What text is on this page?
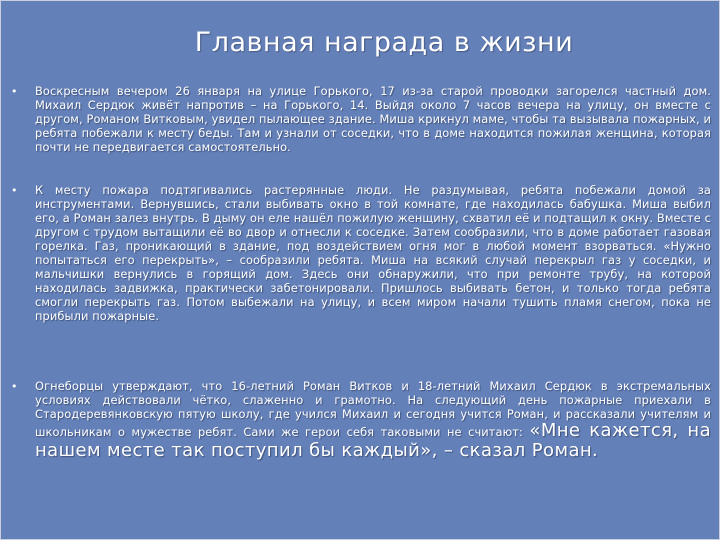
Главная награда в жизни
•	Воскресным вечером 26 января на улице Горького, 17 из-за старой проводки загорелся частный дом. Михаил Сердюк живёт напротив – на Горького, 14. Выйдя около 7 часов вечера на улицу, он вместе с другом, Романом Витковым, увидел пылающее здание. Миша крикнул маме, чтобы та вызывала пожарных, и ребята побежали к месту беды. Там и узнали от соседки, что в доме находится пожилая женщина, которая почти не передвигается самостоятельно.
•	К месту пожара подтягивались растерянные люди. Не раздумывая, ребята побежали домой за инструментами. Вернувшись, стали выбивать окно в той комнате, где находилась бабушка. Миша выбил его, а Роман залез внутрь. В дыму он еле нашёл пожилую женщину, схватил её и подтащил к окну. Вместе с другом с трудом вытащили её во двор и отнесли к соседке. Затем сообразили, что в доме работает газовая горелка. Газ, проникающий в здание, под воздействием огня мог в любой момент взорваться. «Нужно попытаться его перекрыть», – сообразили ребята. Миша на всякий случай перекрыл газ у соседки, и мальчишки вернулись в горящий дом. Здесь они обнаружили, что при ремонте трубу, на которой находилась задвижка, практически забетонировали. Пришлось выбивать бетон, и только тогда ребята смогли перекрыть газ. Потом выбежали на улицу, и всем миром начали тушить пламя снегом, пока не прибыли пожарные.
•	Огнеборцы утверждают, что 16-летний Роман Витков и 18-летний Михаил Сердюк в экстремальных условиях действовали чётко, слаженно и грамотно. На следующий день пожарные приехали в Стародеревянковскую пятую школу, где учился Михаил и сегодня учится Роман, и рассказали учителям и школьникам о мужестве ребят. Сами же герои себя таковыми не считают: «Мне кажется, на нашем месте так поступил бы каждый», – сказал Роман.
